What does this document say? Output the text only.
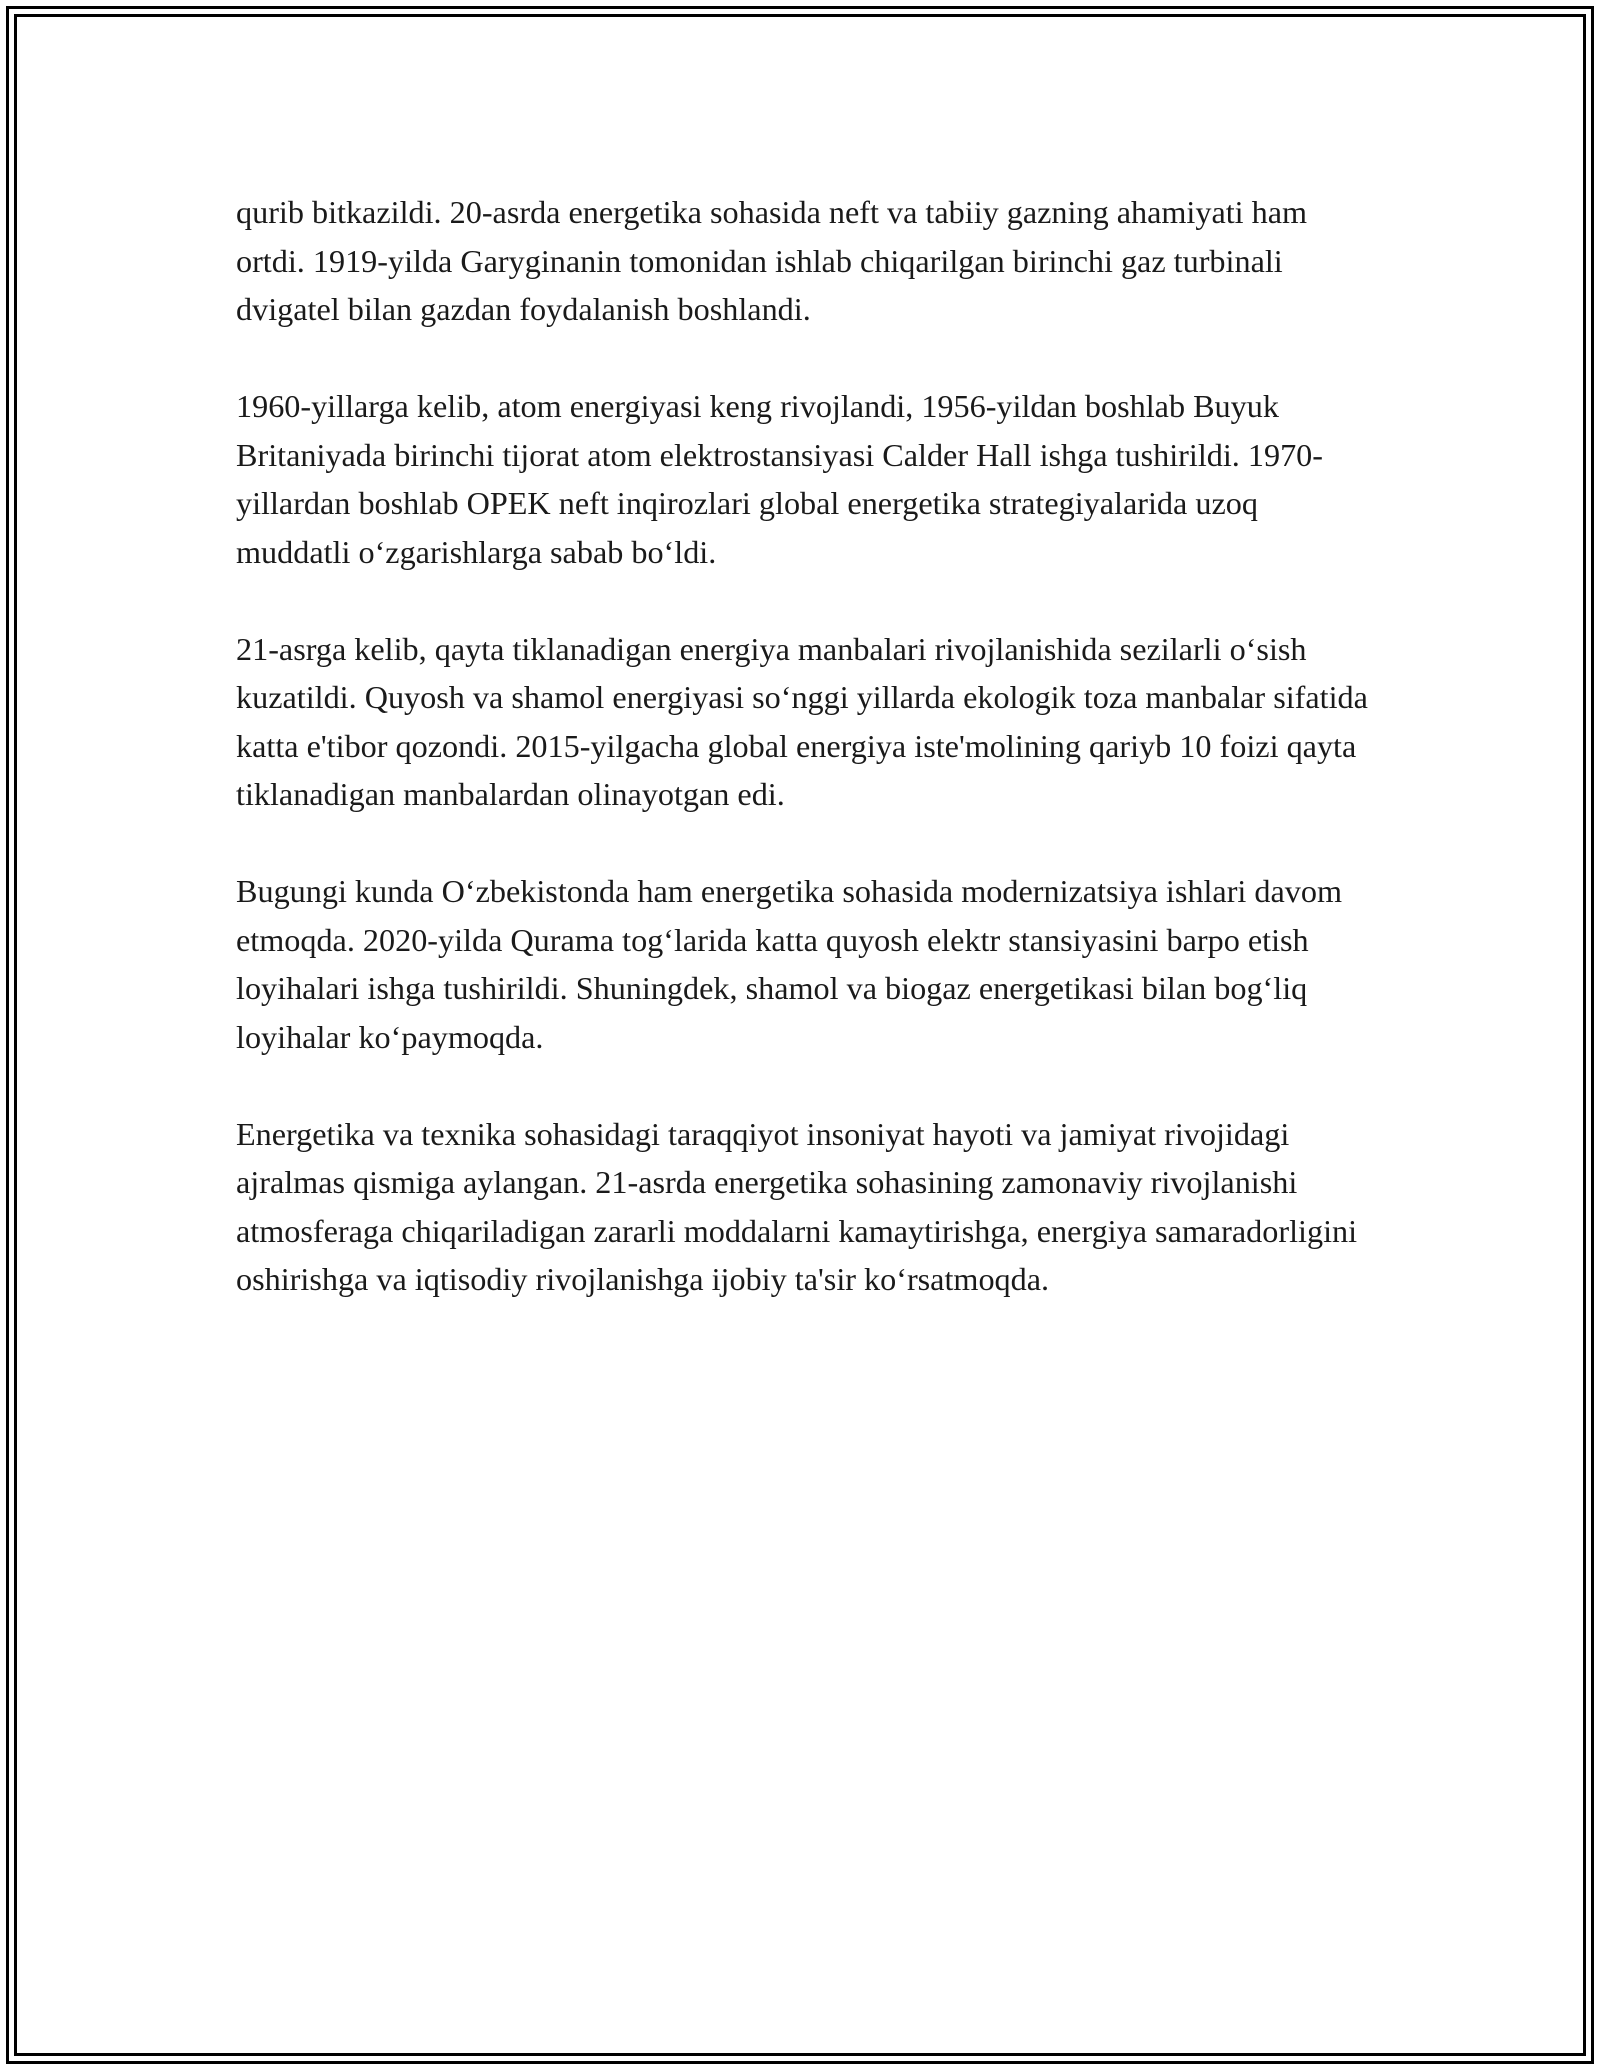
qurib bitkazildi. 20-asrda energetika sohasida neft va tabiiy gazning ahamiyati ham ortdi. 1919-yilda Garyginanin tomonidan ishlab chiqarilgan birinchi gaz turbinali dvigatel bilan gazdan foydalanish boshlandi.

1960-yillarga kelib, atom energiyasi keng rivojlandi, 1956-yildan boshlab Buyuk Britaniyada birinchi tijorat atom elektrostansiyasi Calder Hall ishga tushirildi. 1970-yillardan boshlab OPEK neft inqirozlari global energetika strategiyalarida uzoq muddatli o‘zgarishlarga sabab bo‘ldi.

21-asrga kelib, qayta tiklanadigan energiya manbalari rivojlanishida sezilarli o‘sish kuzatildi. Quyosh va shamol energiyasi so‘nggi yillarda ekologik toza manbalar sifatida katta e'tibor qozondi. 2015-yilgacha global energiya iste'molining qariyb 10 foizi qayta tiklanadigan manbalardan olinayotgan edi.

Bugungi kunda O‘zbekistonda ham energetika sohasida modernizatsiya ishlari davom etmoqda. 2020-yilda Qurama tog‘larida katta quyosh elektr stansiyasini barpo etish loyihalari ishga tushirildi. Shuningdek, shamol va biogaz energetikasi bilan bog‘liq loyihalar ko‘paymoqda.

Energetika va texnika sohasidagi taraqqiyot insoniyat hayoti va jamiyat rivojidagi ajralmas qismiga aylangan. 21-asrda energetika sohasining zamonaviy rivojlanishi atmosferaga chiqariladigan zararli moddalarni kamaytirishga, energiya samaradorligini oshirishga va iqtisodiy rivojlanishga ijobiy ta'sir ko‘rsatmoqda.
